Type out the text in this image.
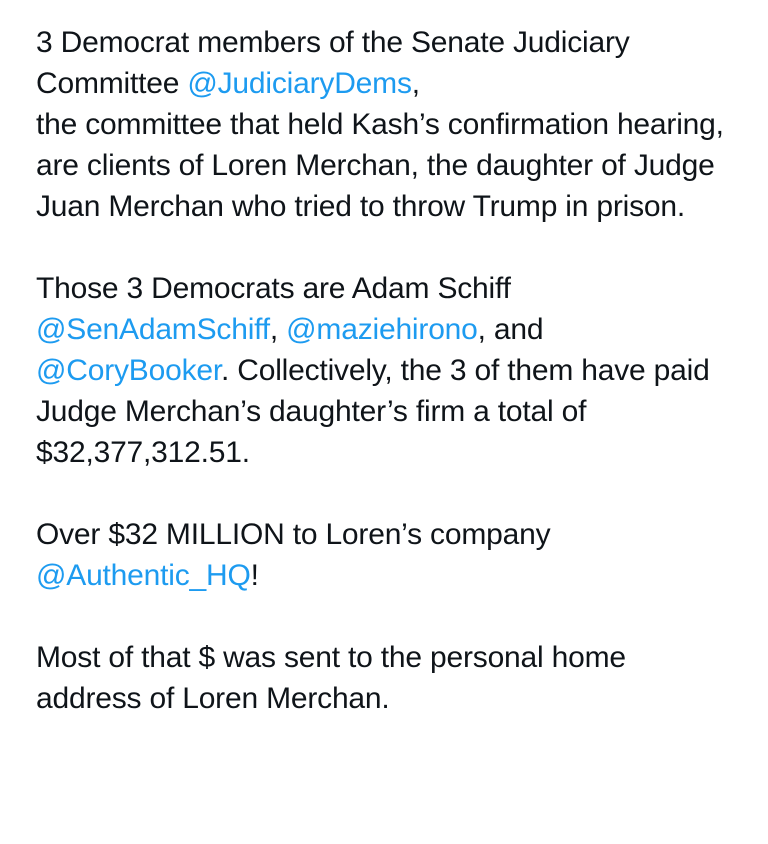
3 Democrat members of the Senate Judiciary Committee @JudiciaryDems,
the committee that held Kash’s confirmation hearing, are clients of Loren Merchan, the daughter of Judge Juan Merchan who tried to throw Trump in prison.

Those 3 Democrats are Adam Schiff @SenAdamSchiff, @maziehirono, and @CoryBooker. Collectively, the 3 of them have paid Judge Merchan’s daughter’s firm a total of $32,377,312.51.

Over $32 MILLION to Loren’s company @Authentic_HQ!

Most of that $ was sent to the personal home address of Loren Merchan.
